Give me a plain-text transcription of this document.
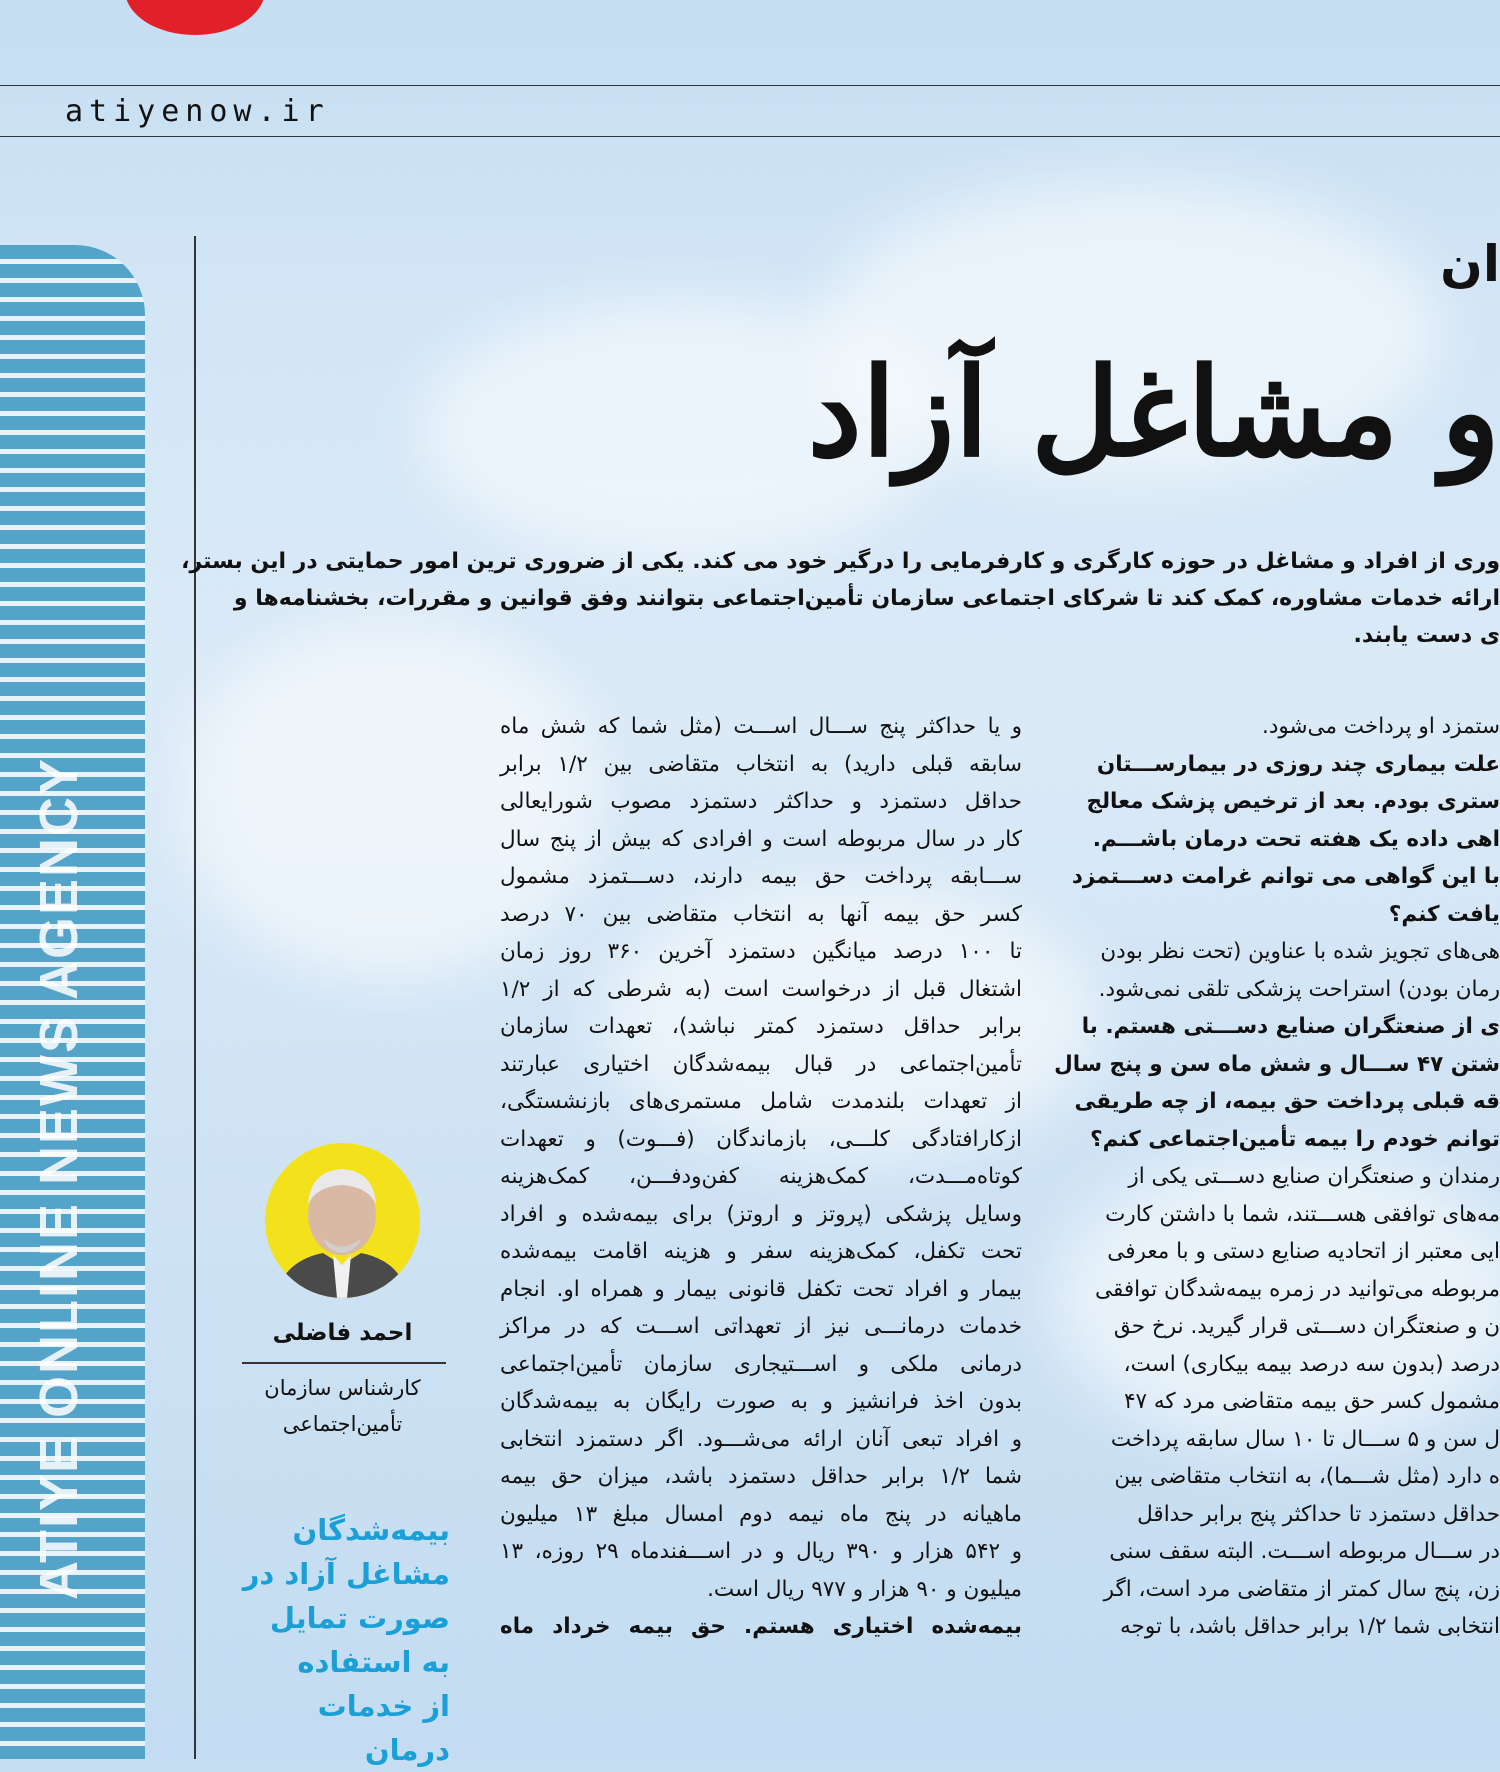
atiyenow.ir
ATIYE ONLINE NEWS AGENCY
ان
و مشاغل آزاد
وری از افراد و مشاغل در حوزه کارگری و کارفرمایی را درگیر خود می کند. یکی از ضروری ترین امور حمایتی در این بستر،
ارائه خدمات مشاوره، کمک کند تا شرکای اجتماعی سازمان تأمین‌اجتماعی بتوانند وفق قوانین و مقررات، بخشنامه‌ها و
ی دست یابند.
ستمزد او پرداخت می‌شود.
علت بیماری چند روزی در بیمارســـتان
ستری بودم. بعد از ترخیص پزشک معالج
اهی داده یک هفته تحت درمان باشـــم.
با این گواهی می توانم غرامت دســـتمزد
یافت کنم؟
هی‌های تجویز شده با عناوین (تحت نظر بودن
رمان بودن) استراحت پزشکی تلقی نمی‌شود.
ی از صنعتگران صنایع دســـتی هستم. با
شتن ۴۷ ســـال و شش ماه سن و پنج سال
قه قبلی پرداخت حق بیمه، از چه طریقی
توانم خودم را بیمه تأمین‌اجتماعی کنم؟
رمندان و صنعتگران صنایع دســـتی یکی از
مه‌های توافقی هســـتند، شما با داشتن کارت
ایی معتبر از اتحادیه صنایع دستی و با معرفی
مربوطه می‌توانید در زمره بیمه‌شدگان توافقی
ن و صنعتگران دســـتی قرار گیرید. نرخ حق
درصد (بدون سه درصد بیمه بیکاری) است،
مشمول کسر حق بیمه متقاضی مرد که ۴۷
ل سن و ۵ ســـال تا ۱۰ سال سابقه پرداخت
ه دارد (مثل شـــما)، به انتخاب متقاضی بین
حداقل دستمزد تا حداکثر پنج برابر حداقل
در ســـال مربوطه اســـت. البته سقف سنی
زن، پنج سال کمتر از متقاضی مرد است، اگر
انتخابی شما ۱/۲ برابر حداقل باشد، با توجه
و یا حداکثر پنج ســـال اســـت (مثل شما که شش ماه
سابقه قبلی دارید) به انتخاب متقاضی بین ۱/۲ برابر
حداقل دستمزد و حداکثر دستمزد مصوب شورایعالی
کار در سال مربوطه است و افرادی که بیش از پنج سال
ســـابقه پرداخت حق بیمه دارند، دســـتمزد مشمول
کسر حق بیمه آنها به انتخاب متقاضی بین ۷۰ درصد
تا ۱۰۰ درصد میانگین دستمزد آخرین ۳۶۰ روز زمان
اشتغال قبل از درخواست است (به شرطی که از ۱/۲
برابر حداقل دستمزد کمتر نباشد)، تعهدات سازمان
تأمین‌اجتماعی در قبال بیمه‌شدگان اختیاری عبارتند
از تعهدات بلندمدت شامل مستمری‌های بازنشستگی،
ازکارافتادگی کلـــی، بازماندگان (فـــوت) و تعهدات
کوتاه‌مـــدت، کمک‌هزینه کفن‌ودفـــن، کمک‌هزینه
وسایل پزشکی (پروتز و اروتز) برای بیمه‌شده و افراد
تحت تکفل، کمک‌هزینه سفر و هزینه اقامت بیمه‌شده
بیمار و افراد تحت تکفل قانونی بیمار و همراه او. انجام
خدمات درمانـــی نیز از تعهداتی اســـت که در مراکز
درمانی ملکی و اســـتیجاری سازمان تأمین‌اجتماعی
بدون اخذ فرانشیز و به صورت رایگان به بیمه‌شدگان
و افراد تبعی آنان ارائه می‌شـــود. اگر دستمزد انتخابی
شما ۱/۲ برابر حداقل دستمزد باشد، میزان حق بیمه
ماهیانه در پنج ماه نیمه دوم امسال مبلغ ۱۳ میلیون
و ۵۴۲ هزار و ۳۹۰ ریال و در اســـفندماه ۲۹ روزه، ۱۳
میلیون و ۹۰ هزار و ۹۷۷ ریال است.
بیمه‌شده اختیاری هستم. حق بیمه خرداد ماه
احمد فاضلی
کارشناس سازمان
تأمین‌اجتماعی
بیمه‌شدگان
مشاغل آزاد در
صورت تمایل
به استفاده
از خدمات
درمان
